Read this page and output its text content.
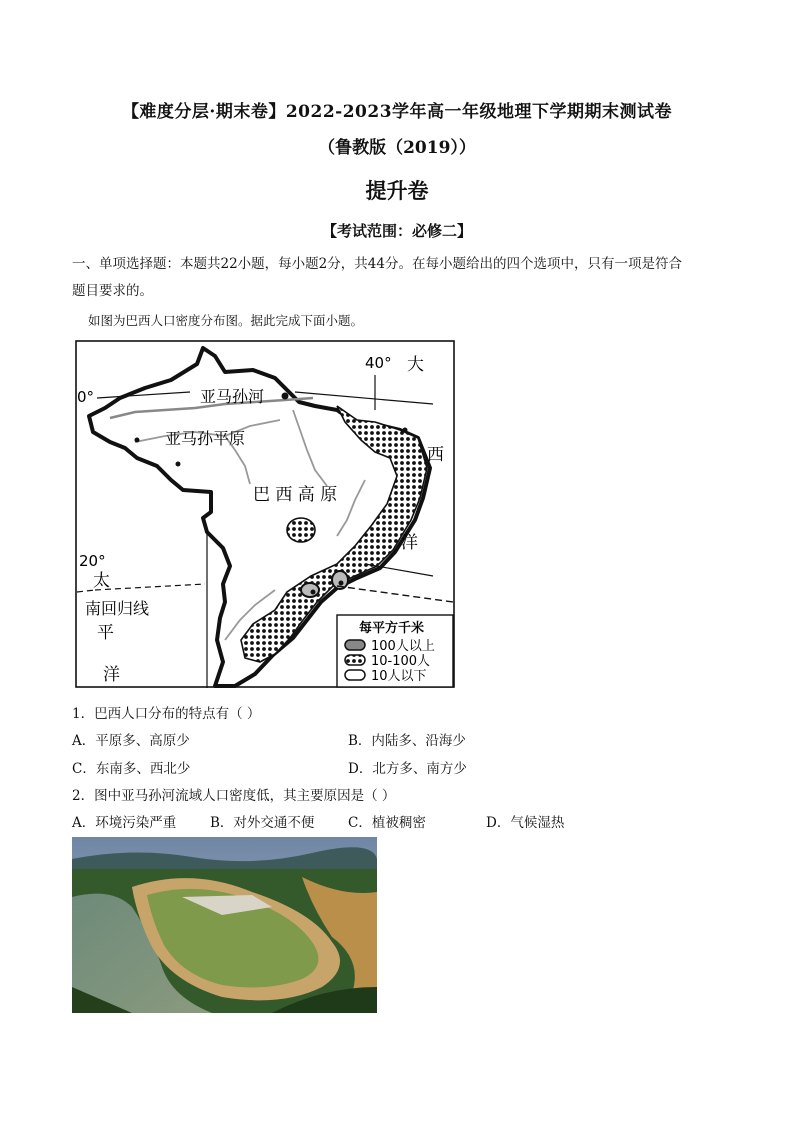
【难度分层·期末卷】2022-2023学年高一年级地理下学期期末测试卷
（鲁教版（2019））
提升卷
【考试范围：必修二】
一、单项选择题：本题共22小题，每小题2分，共44分。在每小题给出的四个选项中，只有一项是符合
题目要求的。
如图为巴西人口密度分布图。据此完成下面小题。
0°
20°
40°
亚马孙河
亚马孙平原
巴 西 高 原
南回归线
大
西
洋
太
平
洋
每平方千米
100人以上
10-100人
10人以下
1．巴西人口分布的特点有（ ）
A．平原多、高原少	B．内陆多、沿海少
C．东南多、西北少	D．北方多、南方少
2．图中亚马孙河流域人口密度低，其主要原因是（ ）
A．环境污染严重	B．对外交通不便 C．植被稠密	D．气候湿热
